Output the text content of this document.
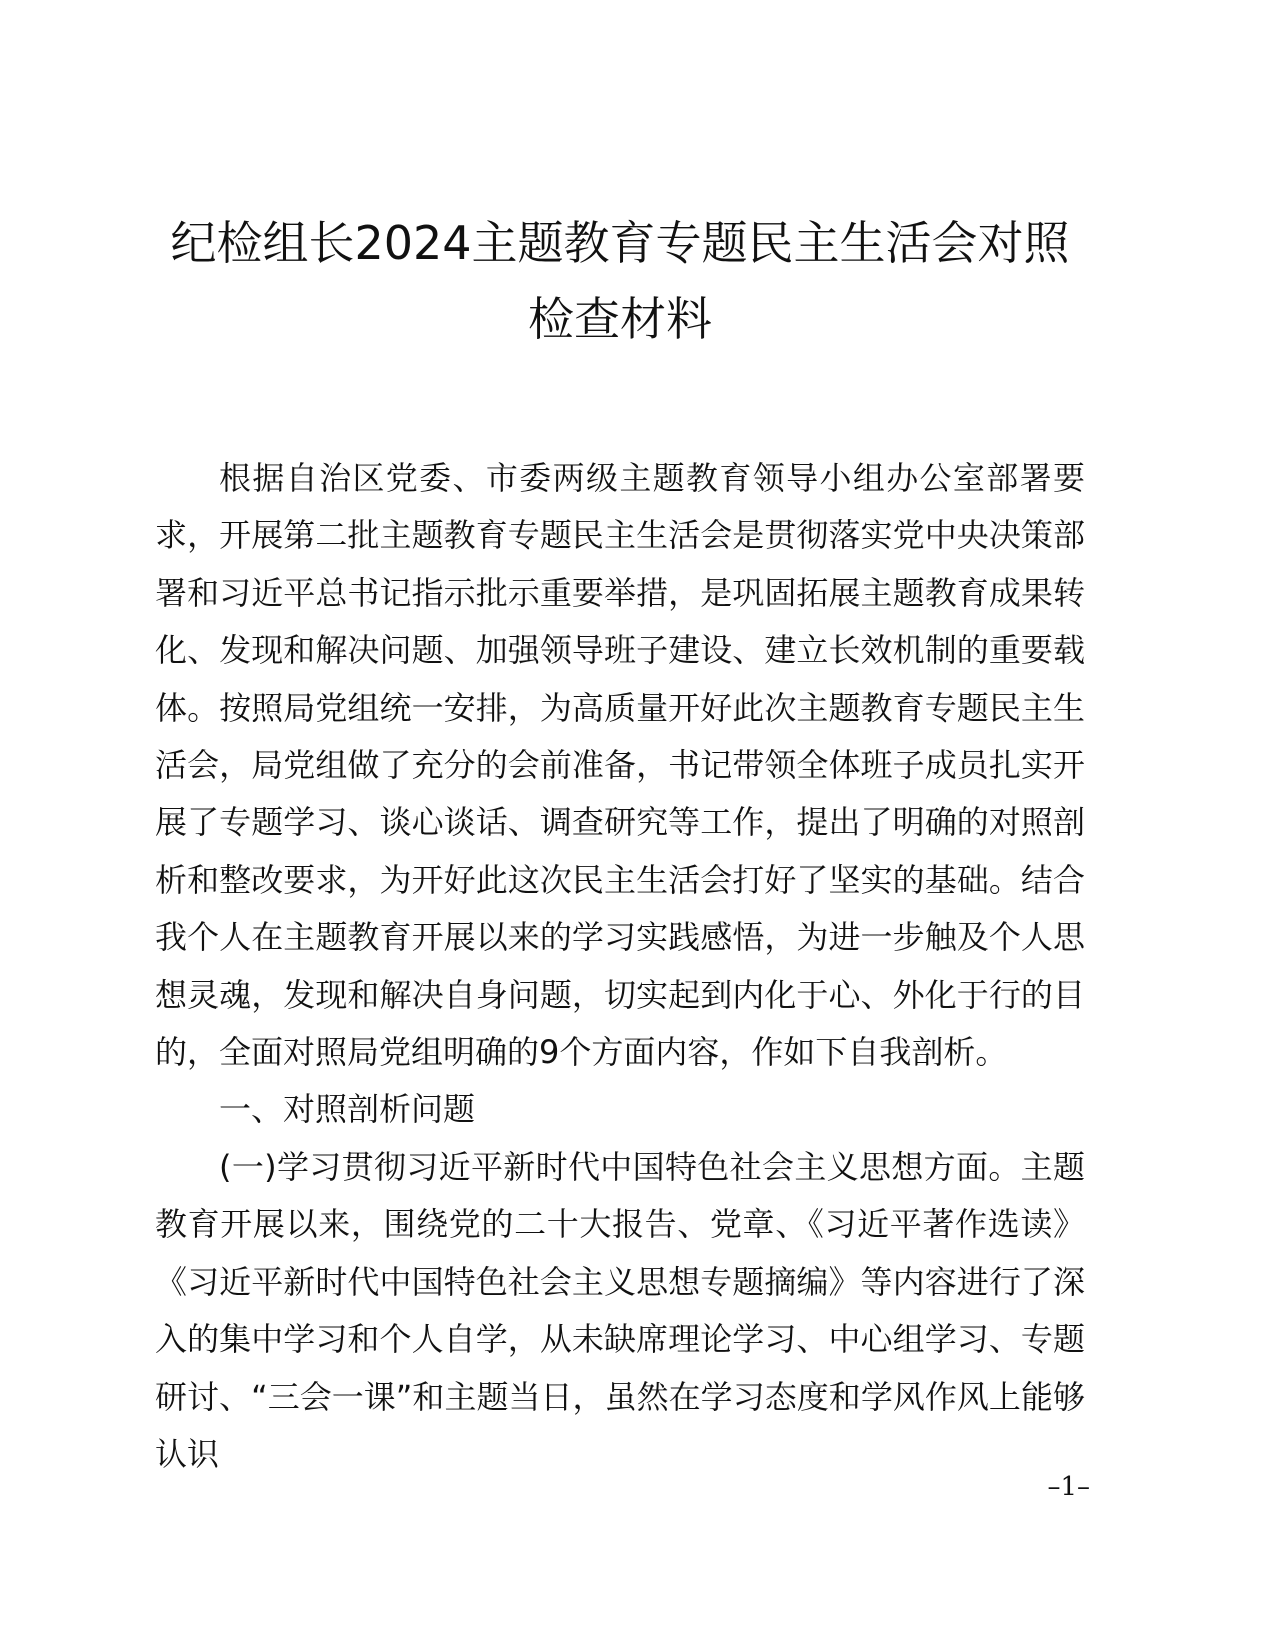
纪检组长2024主题教育专题民主生活会对照检查材料

根据自治区党委、市委两级主题教育领导小组办公室部署要求，开展第二批主题教育专题民主生活会是贯彻落实党中央决策部署和习近平总书记指示批示重要举措，是巩固拓展主题教育成果转化、发现和解决问题、加强领导班子建设、建立长效机制的重要载体。按照局党组统一安排，为高质量开好此次主题教育专题民主生活会，局党组做了充分的会前准备，书记带领全体班子成员扎实开展了专题学习、谈心谈话、调查研究等工作，提出了明确的对照剖析和整改要求，为开好此这次民主生活会打好了坚实的基础。结合我个人在主题教育开展以来的学习实践感悟，为进一步触及个人思想灵魂，发现和解决自身问题，切实起到内化于心、外化于行的目的，全面对照局党组明确的9个方面内容，作如下自我剖析。

一、对照剖析问题

(一)学习贯彻习近平新时代中国特色社会主义思想方面。主题教育开展以来，围绕党的二十大报告、党章、《习近平著作选读》《习近平新时代中国特色社会主义思想专题摘编》等内容进行了深入的集中学习和个人自学，从未缺席理论学习、中心组学习、专题研讨、“三会一课”和主题当日，虽然在学习态度和学风作风上能够认识

–1–
